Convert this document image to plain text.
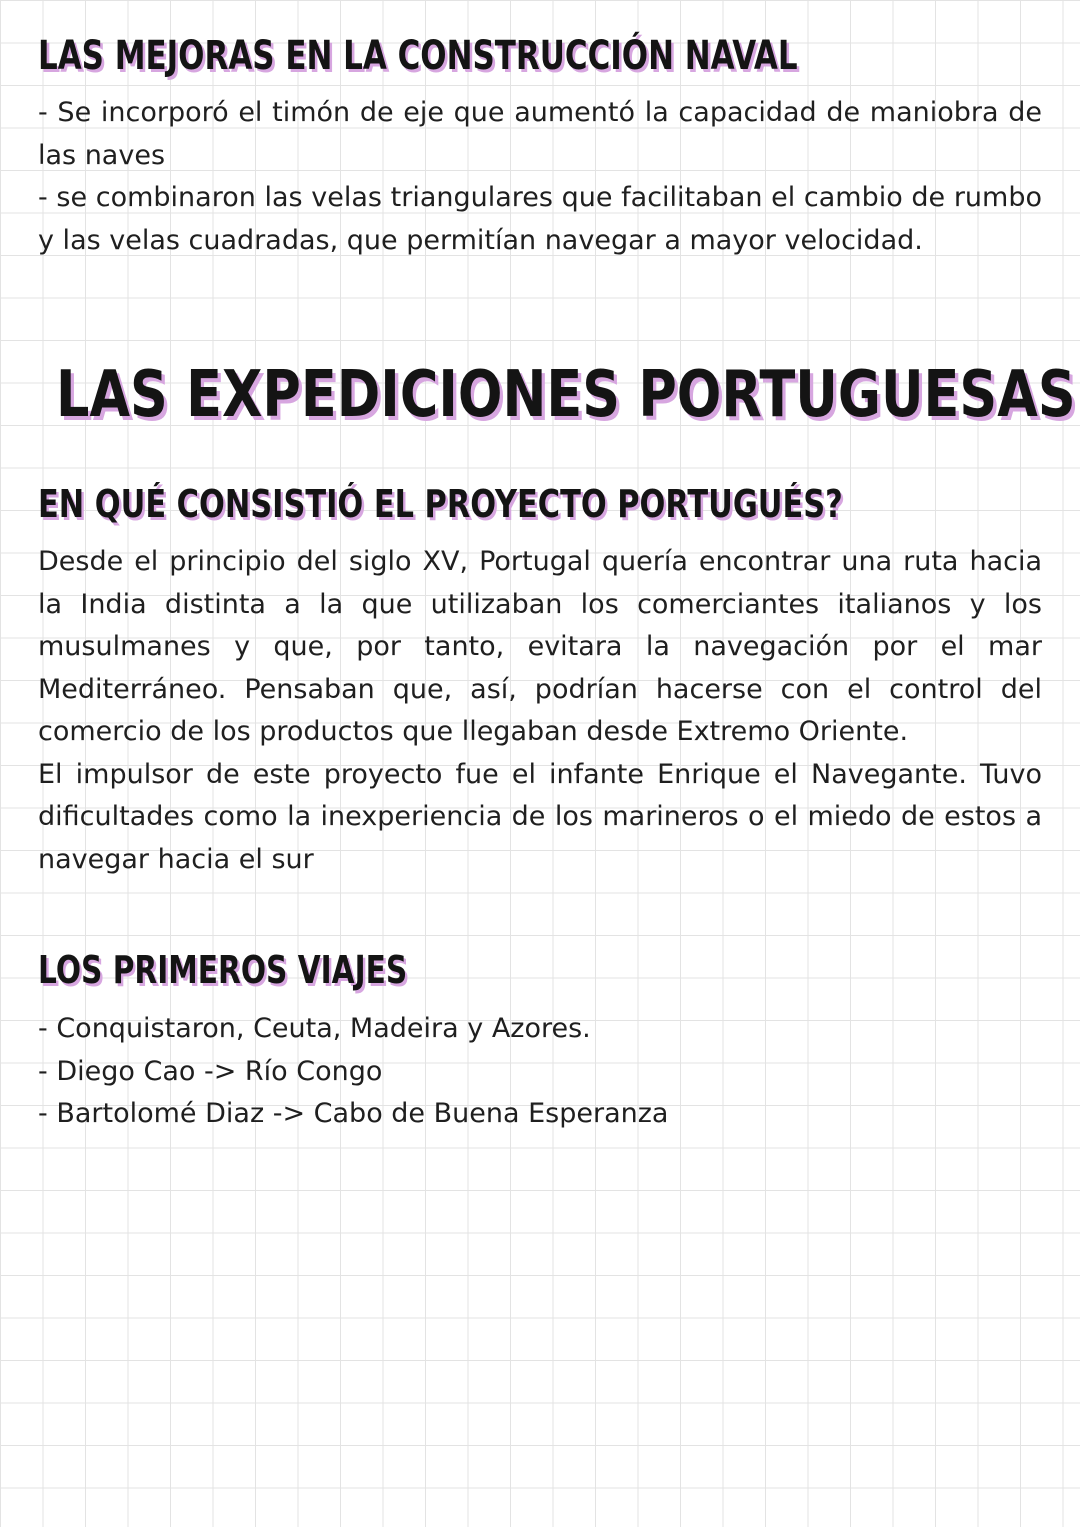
LAS MEJORAS EN LA CONSTRUCCIÓN NAVAL

- Se incorporó el timón de eje que aumentó la capacidad de maniobra de las naves

- se combinaron las velas triangulares que facilitaban el cambio de rumbo y las velas cuadradas, que permitían navegar a mayor velocidad.

LAS EXPEDICIONES PORTUGUESAS
EN QUÉ CONSISTIÓ EL PROYECTO PORTUGUÉS?

Desde el principio del siglo XV, Portugal quería encontrar una ruta hacia la India distinta a la que utilizaban los comerciantes italianos y los musulmanes y que, por tanto, evitara la navegación por el mar Mediterráneo. Pensaban que, así, podrían hacerse con el control del comercio de los productos que llegaban desde Extremo Oriente.

El impulsor de este proyecto fue el infante Enrique el Navegante. Tuvo dificultades como la inexperiencia de los marineros o el miedo de estos a navegar hacia el sur

LOS PRIMEROS VIAJES
- Conquistaron, Ceuta, Madeira y Azores.
- Diego Cao -> Río Congo
- Bartolomé Diaz -> Cabo de Buena Esperanza
